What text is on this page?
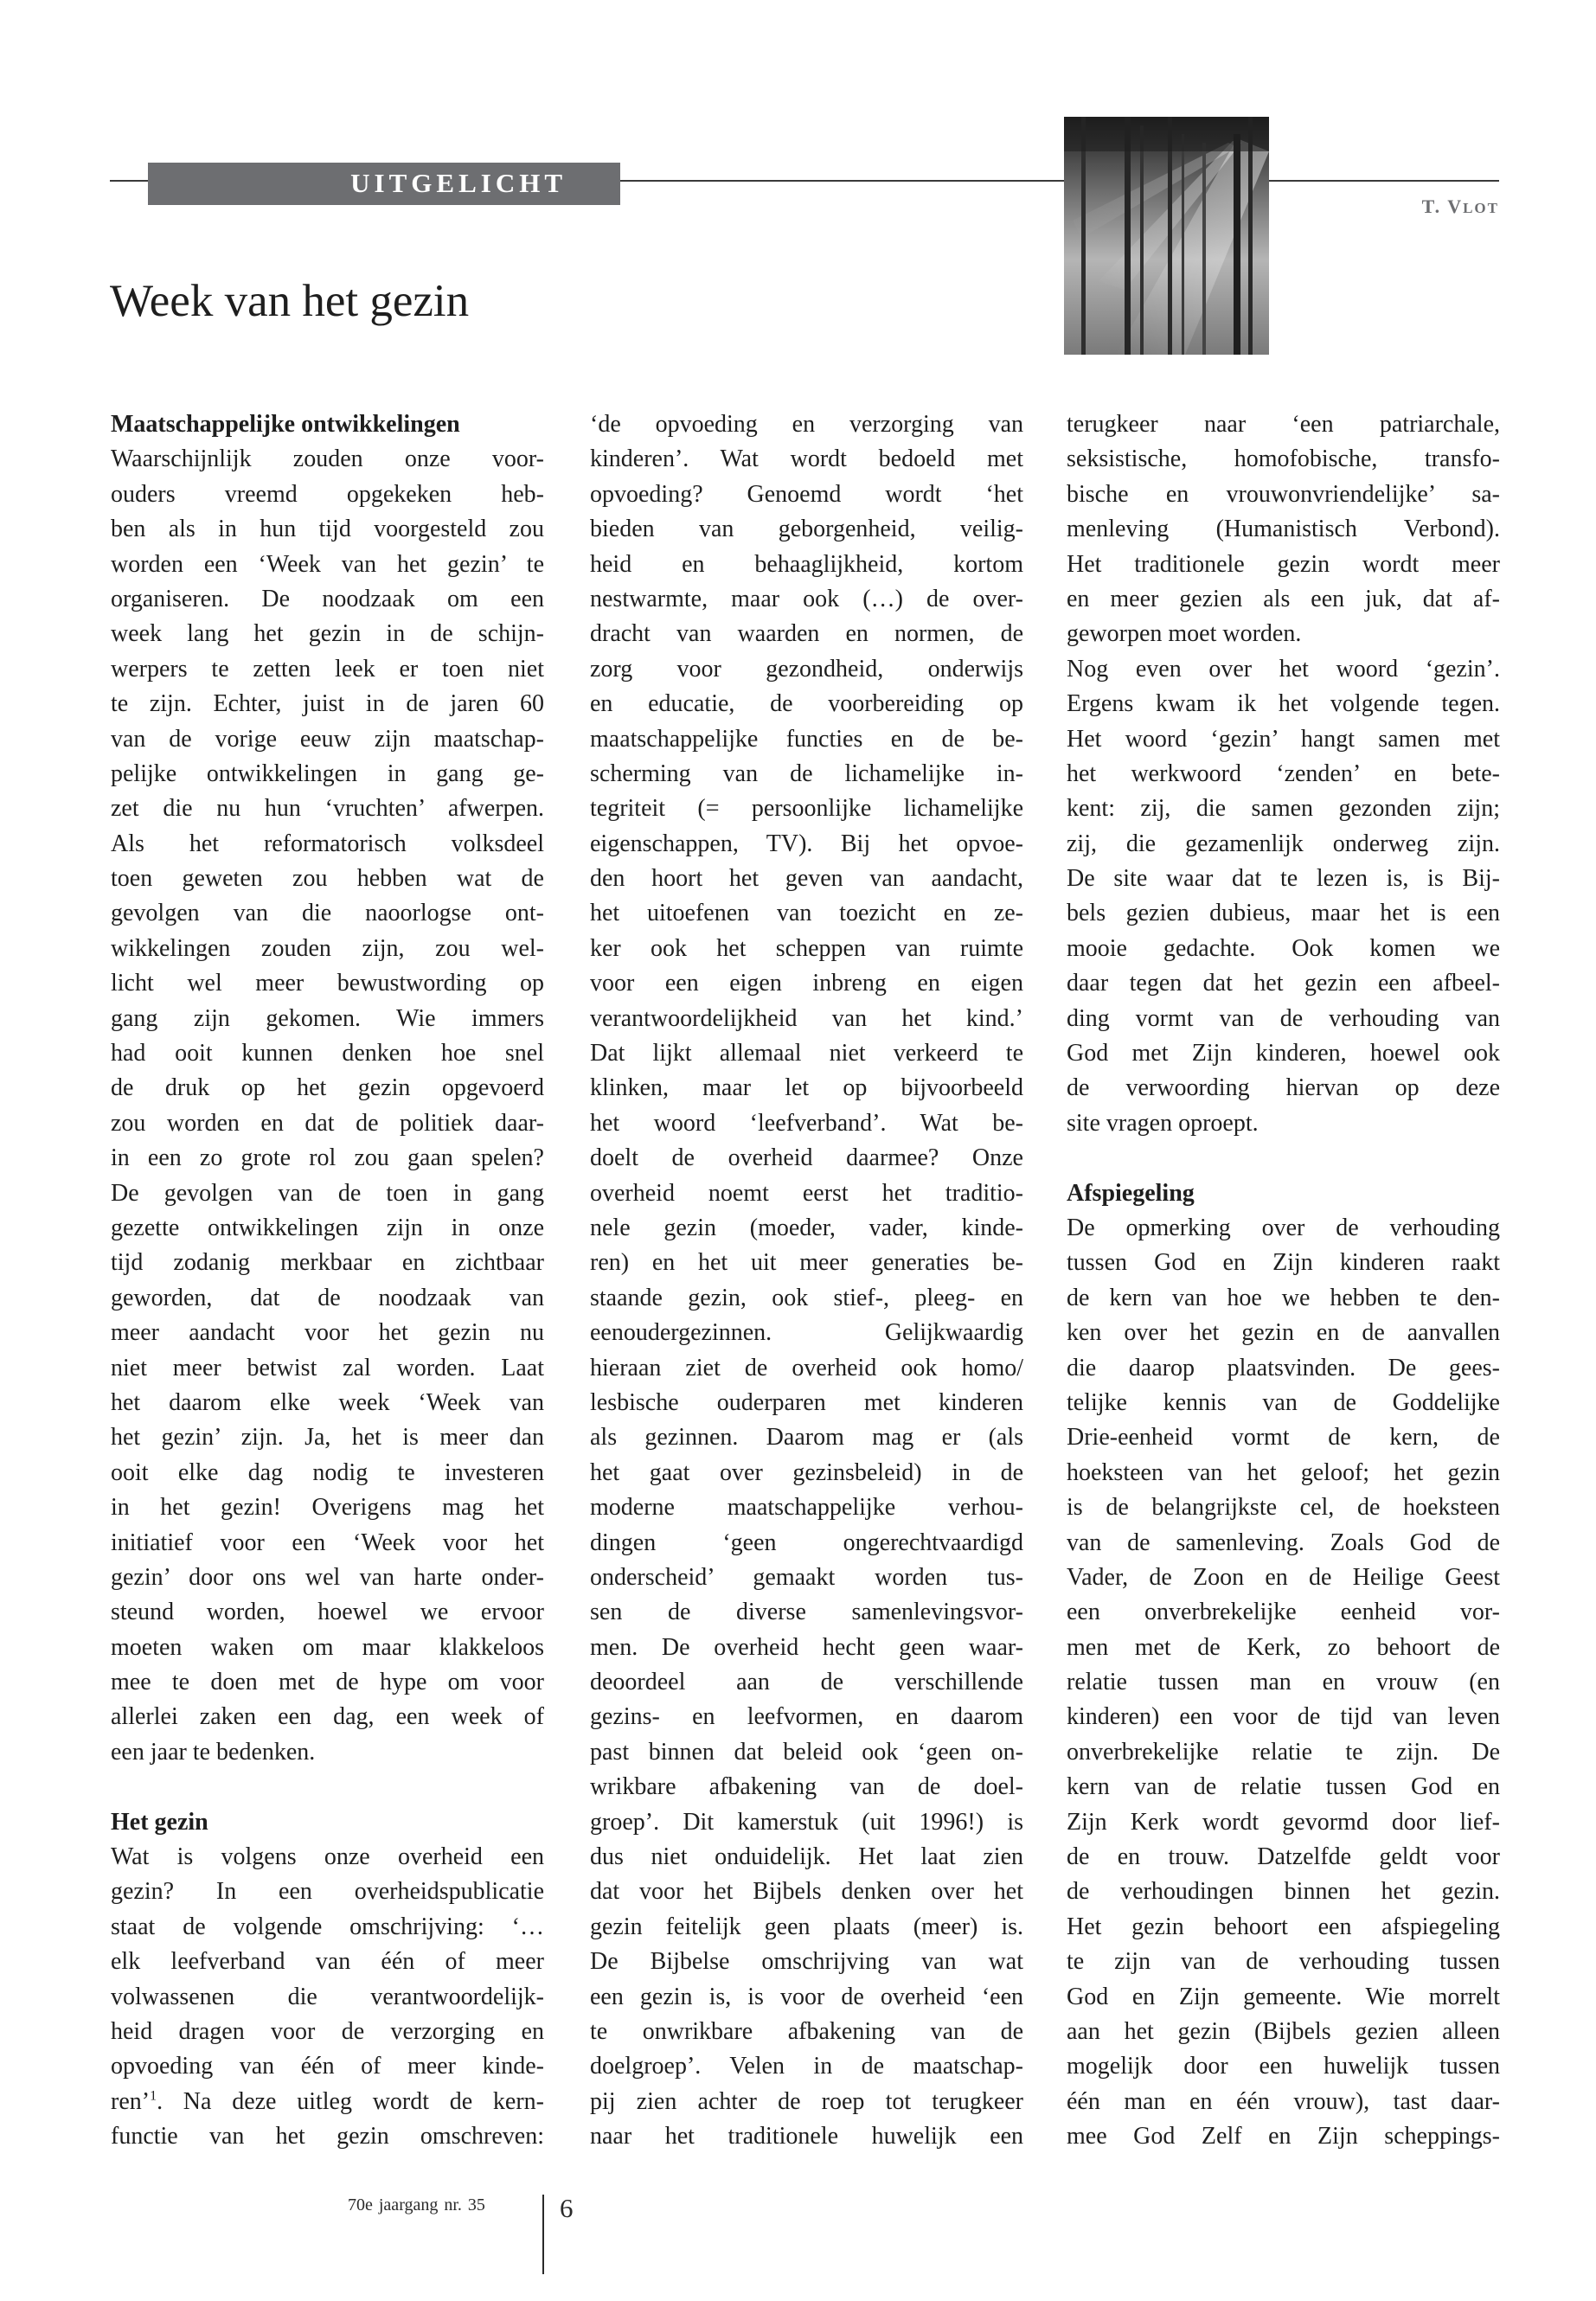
UITGELICHT
T. VLOT
Week van het gezin
Maatschappelijke ontwikkelingen
Waarschijnlijk zouden onze voor-
ouders vreemd opgekeken heb-
ben als in hun tijd voorgesteld zou
worden een ‘Week van het gezin’ te
organiseren. De noodzaak om een
week lang het gezin in de schijn-
werpers te zetten leek er toen niet
te zijn. Echter, juist in de jaren 60
van de vorige eeuw zijn maatschap-
pelijke ontwikkelingen in gang ge-
zet die nu hun ‘vruchten’ afwerpen.
Als het reformatorisch volksdeel
toen geweten zou hebben wat de
gevolgen van die naoorlogse ont-
wikkelingen zouden zijn, zou wel-
licht wel meer bewustwording op
gang zijn gekomen. Wie immers
had ooit kunnen denken hoe snel
de druk op het gezin opgevoerd
zou worden en dat de politiek daar-
in een zo grote rol zou gaan spelen?
De gevolgen van de toen in gang
gezette ontwikkelingen zijn in onze
tijd zodanig merkbaar en zichtbaar
geworden, dat de noodzaak van
meer aandacht voor het gezin nu
niet meer betwist zal worden. Laat
het daarom elke week ‘Week van
het gezin’ zijn. Ja, het is meer dan
ooit elke dag nodig te investeren
in het gezin! Overigens mag het
initiatief voor een ‘Week voor het
gezin’ door ons wel van harte onder-
steund worden, hoewel we ervoor
moeten waken om maar klakkeloos
mee te doen met de hype om voor
allerlei zaken een dag, een week of
een jaar te bedenken.
Het gezin
Wat is volgens onze overheid een
gezin? In een overheidspublicatie
staat de volgende omschrijving: ‘…
elk leefverband van één of meer
volwassenen die verantwoordelijk-
heid dragen voor de verzorging en
opvoeding van één of meer kinde-
ren’$^1$. Na deze uitleg wordt de kern-
functie van het gezin omschreven:
‘de opvoeding en verzorging van
kinderen’. Wat wordt bedoeld met
opvoeding? Genoemd wordt ‘het
bieden van geborgenheid, veilig-
heid en behaaglijkheid, kortom
nestwarmte, maar ook (…) de over-
dracht van waarden en normen, de
zorg voor gezondheid, onderwijs
en educatie, de voorbereiding op
maatschappelijke functies en de be-
scherming van de lichamelijke in-
tegriteit (= persoonlijke lichamelijke
eigenschappen, TV). Bij het opvoe-
den hoort het geven van aandacht,
het uitoefenen van toezicht en ze-
ker ook het scheppen van ruimte
voor een eigen inbreng en eigen
verantwoordelijkheid van het kind.’
Dat lijkt allemaal niet verkeerd te
klinken, maar let op bijvoorbeeld
het woord ‘leefverband’. Wat be-
doelt de overheid daarmee? Onze
overheid noemt eerst het traditio-
nele gezin (moeder, vader, kinde-
ren) en het uit meer generaties be-
staande gezin, ook stief-, pleeg- en
eenoudergezinnen. Gelijkwaardig
hieraan ziet de overheid ook homo/
lesbische ouderparen met kinderen
als gezinnen. Daarom mag er (als
het gaat over gezinsbeleid) in de
moderne maatschappelijke verhou-
dingen ‘geen ongerechtvaardigd
onderscheid’ gemaakt worden tus-
sen de diverse samenlevingsvor-
men. De overheid hecht geen waar-
deoordeel aan de verschillende
gezins- en leefvormen, en daarom
past binnen dat beleid ook ‘geen on-
wrikbare afbakening van de doel-
groep’. Dit kamerstuk (uit 1996!) is
dus niet onduidelijk. Het laat zien
dat voor het Bijbels denken over het
gezin feitelijk geen plaats (meer) is.
De Bijbelse omschrijving van wat
een gezin is, is voor de overheid ‘een
te onwrikbare afbakening van de
doelgroep’. Velen in de maatschap-
pij zien achter de roep tot terugkeer
naar het traditionele huwelijk een
terugkeer naar ‘een patriarchale,
seksistische, homofobische, transfo-
bische en vrouwonvriendelijke’ sa-
menleving (Humanistisch Verbond).
Het traditionele gezin wordt meer
en meer gezien als een juk, dat af-
geworpen moet worden.
Nog even over het woord ‘gezin’.
Ergens kwam ik het volgende tegen.
Het woord ‘gezin’ hangt samen met
het werkwoord ‘zenden’ en bete-
kent: zij, die samen gezonden zijn;
zij, die gezamenlijk onderweg zijn.
De site waar dat te lezen is, is Bij-
bels gezien dubieus, maar het is een
mooie gedachte. Ook komen we
daar tegen dat het gezin een afbeel-
ding vormt van de verhouding van
God met Zijn kinderen, hoewel ook
de verwoording hiervan op deze
site vragen oproept.
Afspiegeling
De opmerking over de verhouding
tussen God en Zijn kinderen raakt
de kern van hoe we hebben te den-
ken over het gezin en de aanvallen
die daarop plaatsvinden. De gees-
telijke kennis van de Goddelijke
Drie-eenheid vormt de kern, de
hoeksteen van het geloof; het gezin
is de belangrijkste cel, de hoeksteen
van de samenleving. Zoals God de
Vader, de Zoon en de Heilige Geest
een onverbrekelijke eenheid vor-
men met de Kerk, zo behoort de
relatie tussen man en vrouw (en
kinderen) een voor de tijd van leven
onverbrekelijke relatie te zijn. De
kern van de relatie tussen God en
Zijn Kerk wordt gevormd door lief-
de en trouw. Datzelfde geldt voor
de verhoudingen binnen het gezin.
Het gezin behoort een afspiegeling
te zijn van de verhouding tussen
God en Zijn gemeente. Wie morrelt
aan het gezin (Bijbels gezien alleen
mogelijk door een huwelijk tussen
één man en één vrouw), tast daar-
mee God Zelf en Zijn scheppings-
70e jaargang nr. 35	6
